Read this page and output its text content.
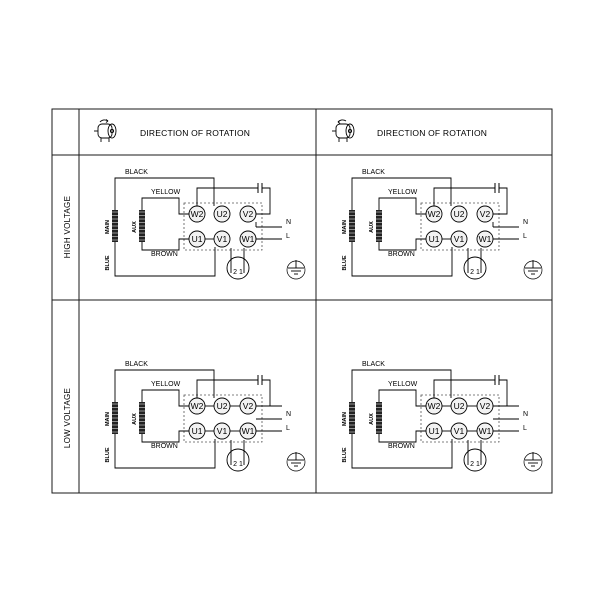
DIRECTION OF ROTATION	DIRECTION OF ROTATION
HIGH VOLTAGE
LOW VOLTAGE
MAIN	AUX
BLUE
BLACK
YELLOW
BROWN
W2 U2 V2
U1 V1 W1
N
L
2 1
MAIN	AUX
BLUE
BLACK
YELLOW
BROWN
W2 U2 V2
U1 V1 W1
N
L
2 1
MAIN	AUX
BLUE
BLACK
YELLOW
BROWN
W2 U2 V2
U1 V1 W1
N
L
2 1
MAIN	AUX
BLUE
BLACK
YELLOW
BROWN
W2 U2 V2
U1 V1 W1
N
L
2 1
